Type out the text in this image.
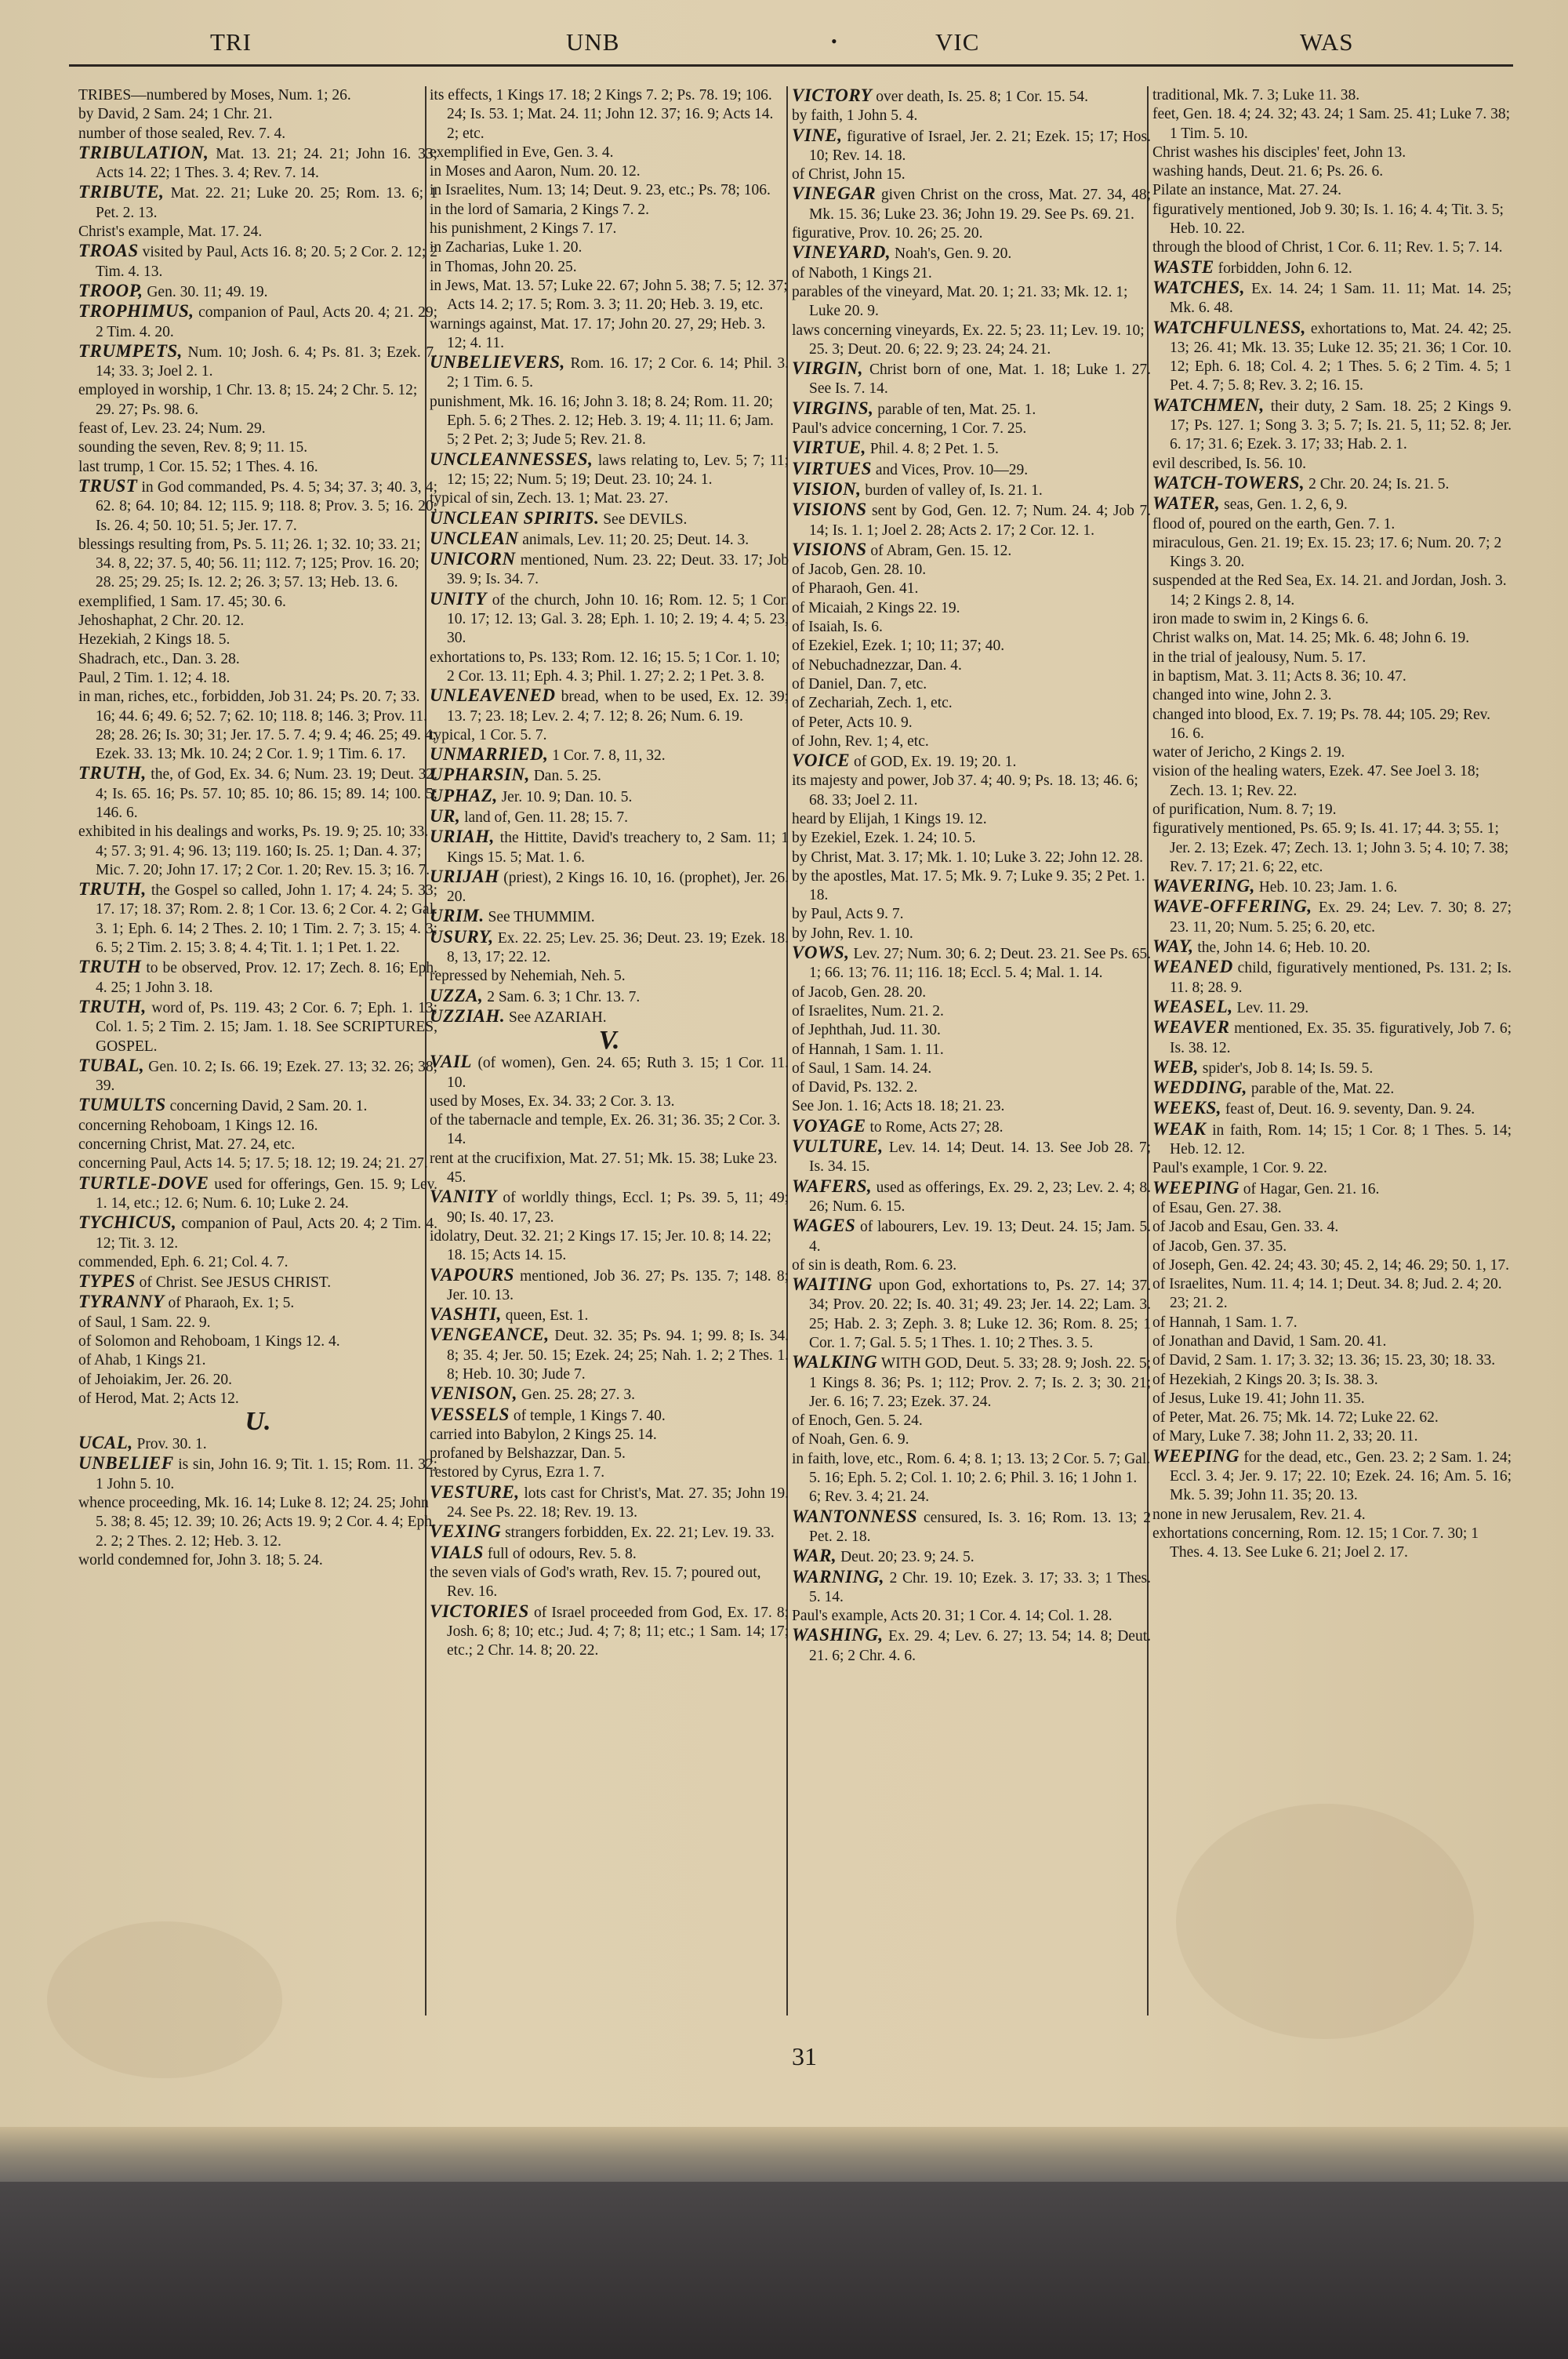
TRI	UNB	VIC	WAS
•

TRIBES—numbered by Moses, Num. 1; 26.

by David, 2 Sam. 24; 1 Chr. 21.

number of those sealed, Rev. 7. 4.

TRIBULATION, Mat. 13. 21; 24. 21; John 16. 33; Acts 14. 22; 1 Thes. 3. 4; Rev. 7. 14.

TRIBUTE, Mat. 22. 21; Luke 20. 25; Rom. 13. 6; 1 Pet. 2. 13.

Christ's example, Mat. 17. 24.

TROAS visited by Paul, Acts 16. 8; 20. 5; 2 Cor. 2. 12; 2 Tim. 4. 13.

TROOP, Gen. 30. 11; 49. 19.

TROPHIMUS, companion of Paul, Acts 20. 4; 21. 29; 2 Tim. 4. 20.

TRUMPETS, Num. 10; Josh. 6. 4; Ps. 81. 3; Ezek. 7. 14; 33. 3; Joel 2. 1.

employed in worship, 1 Chr. 13. 8; 15. 24; 2 Chr. 5. 12; 29. 27; Ps. 98. 6.

feast of, Lev. 23. 24; Num. 29.

sounding the seven, Rev. 8; 9; 11. 15.

last trump, 1 Cor. 15. 52; 1 Thes. 4. 16.

TRUST in God commanded, Ps. 4. 5; 34; 37. 3; 40. 3, 4; 62. 8; 64. 10; 84. 12; 115. 9; 118. 8; Prov. 3. 5; 16. 20; Is. 26. 4; 50. 10; 51. 5; Jer. 17. 7.

blessings resulting from, Ps. 5. 11; 26. 1; 32. 10; 33. 21; 34. 8, 22; 37. 5, 40; 56. 11; 112. 7; 125; Prov. 16. 20; 28. 25; 29. 25; Is. 12. 2; 26. 3; 57. 13; Heb. 13. 6.

exemplified, 1 Sam. 17. 45; 30. 6.

Jehoshaphat, 2 Chr. 20. 12.

Hezekiah, 2 Kings 18. 5.

Shadrach, etc., Dan. 3. 28.

Paul, 2 Tim. 1. 12; 4. 18.

in man, riches, etc., forbidden, Job 31. 24; Ps. 20. 7; 33. 16; 44. 6; 49. 6; 52. 7; 62. 10; 118. 8; 146. 3; Prov. 11. 28; 28. 26; Is. 30; 31; Jer. 17. 5. 7. 4; 9. 4; 46. 25; 49. 4; Ezek. 33. 13; Mk. 10. 24; 2 Cor. 1. 9; 1 Tim. 6. 17.

TRUTH, the, of God, Ex. 34. 6; Num. 23. 19; Deut. 32. 4; Is. 65. 16; Ps. 57. 10; 85. 10; 86. 15; 89. 14; 100. 5; 146. 6.

exhibited in his dealings and works, Ps. 19. 9; 25. 10; 33. 4; 57. 3; 91. 4; 96. 13; 119. 160; Is. 25. 1; Dan. 4. 37; Mic. 7. 20; John 17. 17; 2 Cor. 1. 20; Rev. 15. 3; 16. 7.

TRUTH, the Gospel so called, John 1. 17; 4. 24; 5. 33; 17. 17; 18. 37; Rom. 2. 8; 1 Cor. 13. 6; 2 Cor. 4. 2; Gal. 3. 1; Eph. 6. 14; 2 Thes. 2. 10; 1 Tim. 2. 7; 3. 15; 4. 3; 6. 5; 2 Tim. 2. 15; 3. 8; 4. 4; Tit. 1. 1; 1 Pet. 1. 22.

TRUTH to be observed, Prov. 12. 17; Zech. 8. 16; Eph. 4. 25; 1 John 3. 18.

TRUTH, word of, Ps. 119. 43; 2 Cor. 6. 7; Eph. 1. 13; Col. 1. 5; 2 Tim. 2. 15; Jam. 1. 18. See SCRIPTURES, GOSPEL.

TUBAL, Gen. 10. 2; Is. 66. 19; Ezek. 27. 13; 32. 26; 38; 39.

TUMULTS concerning David, 2 Sam. 20. 1.

concerning Rehoboam, 1 Kings 12. 16.

concerning Christ, Mat. 27. 24, etc.

concerning Paul, Acts 14. 5; 17. 5; 18. 12; 19. 24; 21. 27.

TURTLE-DOVE used for offerings, Gen. 15. 9; Lev. 1. 14, etc.; 12. 6; Num. 6. 10; Luke 2. 24.

TYCHICUS, companion of Paul, Acts 20. 4; 2 Tim. 4. 12; Tit. 3. 12.

commended, Eph. 6. 21; Col. 4. 7.

TYPES of Christ. See JESUS CHRIST.

TYRANNY of Pharaoh, Ex. 1; 5.

of Saul, 1 Sam. 22. 9.

of Solomon and Rehoboam, 1 Kings 12. 4.

of Ahab, 1 Kings 21.

of Jehoiakim, Jer. 26. 20.

of Herod, Mat. 2; Acts 12.

U.

UCAL, Prov. 30. 1.

UNBELIEF is sin, John 16. 9; Tit. 1. 15; Rom. 11. 32; 1 John 5. 10.

whence proceeding, Mk. 16. 14; Luke 8. 12; 24. 25; John 5. 38; 8. 45; 12. 39; 10. 26; Acts 19. 9; 2 Cor. 4. 4; Eph. 2. 2; 2 Thes. 2. 12; Heb. 3. 12.

world condemned for, John 3. 18; 5. 24.

its effects, 1 Kings 17. 18; 2 Kings 7. 2; Ps. 78. 19; 106. 24; Is. 53. 1; Mat. 24. 11; John 12. 37; 16. 9; Acts 14. 2; etc.

exemplified in Eve, Gen. 3. 4.

in Moses and Aaron, Num. 20. 12.

in Israelites, Num. 13; 14; Deut. 9. 23, etc.; Ps. 78; 106.

in the lord of Samaria, 2 Kings 7. 2.

his punishment, 2 Kings 7. 17.

in Zacharias, Luke 1. 20.

in Thomas, John 20. 25.

in Jews, Mat. 13. 57; Luke 22. 67; John 5. 38; 7. 5; 12. 37; Acts 14. 2; 17. 5; Rom. 3. 3; 11. 20; Heb. 3. 19, etc.

warnings against, Mat. 17. 17; John 20. 27, 29; Heb. 3. 12; 4. 11.

UNBELIEVERS, Rom. 16. 17; 2 Cor. 6. 14; Phil. 3. 2; 1 Tim. 6. 5.

punishment, Mk. 16. 16; John 3. 18; 8. 24; Rom. 11. 20; Eph. 5. 6; 2 Thes. 2. 12; Heb. 3. 19; 4. 11; 11. 6; Jam. 5; 2 Pet. 2; 3; Jude 5; Rev. 21. 8.

UNCLEANNESSES, laws relating to, Lev. 5; 7; 11; 12; 15; 22; Num. 5; 19; Deut. 23. 10; 24. 1.

typical of sin, Zech. 13. 1; Mat. 23. 27.

UNCLEAN SPIRITS. See DEVILS.

UNCLEAN animals, Lev. 11; 20. 25; Deut. 14. 3.

UNICORN mentioned, Num. 23. 22; Deut. 33. 17; Job 39. 9; Is. 34. 7.

UNITY of the church, John 10. 16; Rom. 12. 5; 1 Cor. 10. 17; 12. 13; Gal. 3. 28; Eph. 1. 10; 2. 19; 4. 4; 5. 23, 30.

exhortations to, Ps. 133; Rom. 12. 16; 15. 5; 1 Cor. 1. 10; 2 Cor. 13. 11; Eph. 4. 3; Phil. 1. 27; 2. 2; 1 Pet. 3. 8.

UNLEAVENED bread, when to be used, Ex. 12. 39; 13. 7; 23. 18; Lev. 2. 4; 7. 12; 8. 26; Num. 6. 19.

typical, 1 Cor. 5. 7.

UNMARRIED, 1 Cor. 7. 8, 11, 32.

UPHARSIN, Dan. 5. 25.

UPHAZ, Jer. 10. 9; Dan. 10. 5.

UR, land of, Gen. 11. 28; 15. 7.

URIAH, the Hittite, David's treachery to, 2 Sam. 11; 1 Kings 15. 5; Mat. 1. 6.

URIJAH (priest), 2 Kings 16. 10, 16. (prophet), Jer. 26. 20.

URIM. See THUMMIM.

USURY, Ex. 22. 25; Lev. 25. 36; Deut. 23. 19; Ezek. 18. 8, 13, 17; 22. 12.

repressed by Nehemiah, Neh. 5.

UZZA, 2 Sam. 6. 3; 1 Chr. 13. 7.

UZZIAH. See AZARIAH.

V.

VAIL (of women), Gen. 24. 65; Ruth 3. 15; 1 Cor. 11. 10.

used by Moses, Ex. 34. 33; 2 Cor. 3. 13.

of the tabernacle and temple, Ex. 26. 31; 36. 35; 2 Cor. 3. 14.

rent at the crucifixion, Mat. 27. 51; Mk. 15. 38; Luke 23. 45.

VANITY of worldly things, Eccl. 1; Ps. 39. 5, 11; 49; 90; Is. 40. 17, 23.

idolatry, Deut. 32. 21; 2 Kings 17. 15; Jer. 10. 8; 14. 22; 18. 15; Acts 14. 15.

VAPOURS mentioned, Job 36. 27; Ps. 135. 7; 148. 8; Jer. 10. 13.

VASHTI, queen, Est. 1.

VENGEANCE, Deut. 32. 35; Ps. 94. 1; 99. 8; Is. 34. 8; 35. 4; Jer. 50. 15; Ezek. 24; 25; Nah. 1. 2; 2 Thes. 1. 8; Heb. 10. 30; Jude 7.

VENISON, Gen. 25. 28; 27. 3.

VESSELS of temple, 1 Kings 7. 40.

carried into Babylon, 2 Kings 25. 14.

profaned by Belshazzar, Dan. 5.

restored by Cyrus, Ezra 1. 7.

VESTURE, lots cast for Christ's, Mat. 27. 35; John 19. 24. See Ps. 22. 18; Rev. 19. 13.

VEXING strangers forbidden, Ex. 22. 21; Lev. 19. 33.

VIALS full of odours, Rev. 5. 8.

the seven vials of God's wrath, Rev. 15. 7; poured out, Rev. 16.

VICTORIES of Israel proceeded from God, Ex. 17. 8; Josh. 6; 8; 10; etc.; Jud. 4; 7; 8; 11; etc.; 1 Sam. 14; 17; etc.; 2 Chr. 14. 8; 20. 22.

VICTORY over death, Is. 25. 8; 1 Cor. 15. 54.

by faith, 1 John 5. 4.

VINE, figurative of Israel, Jer. 2. 21; Ezek. 15; 17; Hos. 10; Rev. 14. 18.

of Christ, John 15.

VINEGAR given Christ on the cross, Mat. 27. 34, 48; Mk. 15. 36; Luke 23. 36; John 19. 29. See Ps. 69. 21.

figurative, Prov. 10. 26; 25. 20.

VINEYARD, Noah's, Gen. 9. 20.

of Naboth, 1 Kings 21.

parables of the vineyard, Mat. 20. 1; 21. 33; Mk. 12. 1; Luke 20. 9.

laws concerning vineyards, Ex. 22. 5; 23. 11; Lev. 19. 10; 25. 3; Deut. 20. 6; 22. 9; 23. 24; 24. 21.

VIRGIN, Christ born of one, Mat. 1. 18; Luke 1. 27. See Is. 7. 14.

VIRGINS, parable of ten, Mat. 25. 1.

Paul's advice concerning, 1 Cor. 7. 25.

VIRTUE, Phil. 4. 8; 2 Pet. 1. 5.

VIRTUES and Vices, Prov. 10—29.

VISION, burden of valley of, Is. 21. 1.

VISIONS sent by God, Gen. 12. 7; Num. 24. 4; Job 7. 14; Is. 1. 1; Joel 2. 28; Acts 2. 17; 2 Cor. 12. 1.

VISIONS of Abram, Gen. 15. 12.

of Jacob, Gen. 28. 10.

of Pharaoh, Gen. 41.

of Micaiah, 2 Kings 22. 19.

of Isaiah, Is. 6.

of Ezekiel, Ezek. 1; 10; 11; 37; 40.

of Nebuchadnezzar, Dan. 4.

of Daniel, Dan. 7, etc.

of Zechariah, Zech. 1, etc.

of Peter, Acts 10. 9.

of John, Rev. 1; 4, etc.

VOICE of GOD, Ex. 19. 19; 20. 1.

its majesty and power, Job 37. 4; 40. 9; Ps. 18. 13; 46. 6; 68. 33; Joel 2. 11.

heard by Elijah, 1 Kings 19. 12.

by Ezekiel, Ezek. 1. 24; 10. 5.

by Christ, Mat. 3. 17; Mk. 1. 10; Luke 3. 22; John 12. 28.

by the apostles, Mat. 17. 5; Mk. 9. 7; Luke 9. 35; 2 Pet. 1. 18.

by Paul, Acts 9. 7.

by John, Rev. 1. 10.

VOWS, Lev. 27; Num. 30; 6. 2; Deut. 23. 21. See Ps. 65. 1; 66. 13; 76. 11; 116. 18; Eccl. 5. 4; Mal. 1. 14.

of Jacob, Gen. 28. 20.

of Israelites, Num. 21. 2.

of Jephthah, Jud. 11. 30.

of Hannah, 1 Sam. 1. 11.

of Saul, 1 Sam. 14. 24.

of David, Ps. 132. 2.

See Jon. 1. 16; Acts 18. 18; 21. 23.

VOYAGE to Rome, Acts 27; 28.

VULTURE, Lev. 14. 14; Deut. 14. 13. See Job 28. 7; Is. 34. 15.

WAFERS, used as offerings, Ex. 29. 2, 23; Lev. 2. 4; 8. 26; Num. 6. 15.

WAGES of labourers, Lev. 19. 13; Deut. 24. 15; Jam. 5. 4.

of sin is death, Rom. 6. 23.

WAITING upon God, exhortations to, Ps. 27. 14; 37. 34; Prov. 20. 22; Is. 40. 31; 49. 23; Jer. 14. 22; Lam. 3. 25; Hab. 2. 3; Zeph. 3. 8; Luke 12. 36; Rom. 8. 25; 1 Cor. 1. 7; Gal. 5. 5; 1 Thes. 1. 10; 2 Thes. 3. 5.

WALKING WITH GOD, Deut. 5. 33; 28. 9; Josh. 22. 5; 1 Kings 8. 36; Ps. 1; 112; Prov. 2. 7; Is. 2. 3; 30. 21; Jer. 6. 16; 7. 23; Ezek. 37. 24.

of Enoch, Gen. 5. 24.

of Noah, Gen. 6. 9.

in faith, love, etc., Rom. 6. 4; 8. 1; 13. 13; 2 Cor. 5. 7; Gal. 5. 16; Eph. 5. 2; Col. 1. 10; 2. 6; Phil. 3. 16; 1 John 1. 6; Rev. 3. 4; 21. 24.

WANTONNESS censured, Is. 3. 16; Rom. 13. 13; 2 Pet. 2. 18.

WAR, Deut. 20; 23. 9; 24. 5.

WARNING, 2 Chr. 19. 10; Ezek. 3. 17; 33. 3; 1 Thes. 5. 14.

Paul's example, Acts 20. 31; 1 Cor. 4. 14; Col. 1. 28.

WASHING, Ex. 29. 4; Lev. 6. 27; 13. 54; 14. 8; Deut. 21. 6; 2 Chr. 4. 6.

traditional, Mk. 7. 3; Luke 11. 38.

feet, Gen. 18. 4; 24. 32; 43. 24; 1 Sam. 25. 41; Luke 7. 38; 1 Tim. 5. 10.

Christ washes his disciples' feet, John 13.

washing hands, Deut. 21. 6; Ps. 26. 6.

Pilate an instance, Mat. 27. 24.

figuratively mentioned, Job 9. 30; Is. 1. 16; 4. 4; Tit. 3. 5; Heb. 10. 22.

through the blood of Christ, 1 Cor. 6. 11; Rev. 1. 5; 7. 14.

WASTE forbidden, John 6. 12.

WATCHES, Ex. 14. 24; 1 Sam. 11. 11; Mat. 14. 25; Mk. 6. 48.

WATCHFULNESS, exhortations to, Mat. 24. 42; 25. 13; 26. 41; Mk. 13. 35; Luke 12. 35; 21. 36; 1 Cor. 10. 12; Eph. 6. 18; Col. 4. 2; 1 Thes. 5. 6; 2 Tim. 4. 5; 1 Pet. 4. 7; 5. 8; Rev. 3. 2; 16. 15.

WATCHMEN, their duty, 2 Sam. 18. 25; 2 Kings 9. 17; Ps. 127. 1; Song 3. 3; 5. 7; Is. 21. 5, 11; 52. 8; Jer. 6. 17; 31. 6; Ezek. 3. 17; 33; Hab. 2. 1.

evil described, Is. 56. 10.

WATCH-TOWERS, 2 Chr. 20. 24; Is. 21. 5.

WATER, seas, Gen. 1. 2, 6, 9.

flood of, poured on the earth, Gen. 7. 1.

miraculous, Gen. 21. 19; Ex. 15. 23; 17. 6; Num. 20. 7; 2 Kings 3. 20.

suspended at the Red Sea, Ex. 14. 21. and Jordan, Josh. 3. 14; 2 Kings 2. 8, 14.

iron made to swim in, 2 Kings 6. 6.

Christ walks on, Mat. 14. 25; Mk. 6. 48; John 6. 19.

in the trial of jealousy, Num. 5. 17.

in baptism, Mat. 3. 11; Acts 8. 36; 10. 47.

changed into wine, John 2. 3.

changed into blood, Ex. 7. 19; Ps. 78. 44; 105. 29; Rev. 16. 6.

water of Jericho, 2 Kings 2. 19.

vision of the healing waters, Ezek. 47. See Joel 3. 18; Zech. 13. 1; Rev. 22.

of purification, Num. 8. 7; 19.

figuratively mentioned, Ps. 65. 9; Is. 41. 17; 44. 3; 55. 1; Jer. 2. 13; Ezek. 47; Zech. 13. 1; John 3. 5; 4. 10; 7. 38; Rev. 7. 17; 21. 6; 22, etc.

WAVERING, Heb. 10. 23; Jam. 1. 6.

WAVE-OFFERING, Ex. 29. 24; Lev. 7. 30; 8. 27; 23. 11, 20; Num. 5. 25; 6. 20, etc.

WAY, the, John 14. 6; Heb. 10. 20.

WEANED child, figuratively mentioned, Ps. 131. 2; Is. 11. 8; 28. 9.

WEASEL, Lev. 11. 29.

WEAVER mentioned, Ex. 35. 35. figuratively, Job 7. 6; Is. 38. 12.

WEB, spider's, Job 8. 14; Is. 59. 5.

WEDDING, parable of the, Mat. 22.

WEEKS, feast of, Deut. 16. 9. seventy, Dan. 9. 24.

WEAK in faith, Rom. 14; 15; 1 Cor. 8; 1 Thes. 5. 14; Heb. 12. 12.

Paul's example, 1 Cor. 9. 22.

WEEPING of Hagar, Gen. 21. 16.

of Esau, Gen. 27. 38.

of Jacob and Esau, Gen. 33. 4.

of Jacob, Gen. 37. 35.

of Joseph, Gen. 42. 24; 43. 30; 45. 2, 14; 46. 29; 50. 1, 17.

of Israelites, Num. 11. 4; 14. 1; Deut. 34. 8; Jud. 2. 4; 20. 23; 21. 2.

of Hannah, 1 Sam. 1. 7.

of Jonathan and David, 1 Sam. 20. 41.

of David, 2 Sam. 1. 17; 3. 32; 13. 36; 15. 23, 30; 18. 33.

of Hezekiah, 2 Kings 20. 3; Is. 38. 3.

of Jesus, Luke 19. 41; John 11. 35.

of Peter, Mat. 26. 75; Mk. 14. 72; Luke 22. 62.

of Mary, Luke 7. 38; John 11. 2, 33; 20. 11.

WEEPING for the dead, etc., Gen. 23. 2; 2 Sam. 1. 24; Eccl. 3. 4; Jer. 9. 17; 22. 10; Ezek. 24. 16; Am. 5. 16; Mk. 5. 39; John 11. 35; 20. 13.

none in new Jerusalem, Rev. 21. 4.

exhortations concerning, Rom. 12. 15; 1 Cor. 7. 30; 1 Thes. 4. 13. See Luke 6. 21; Joel 2. 17.

31
